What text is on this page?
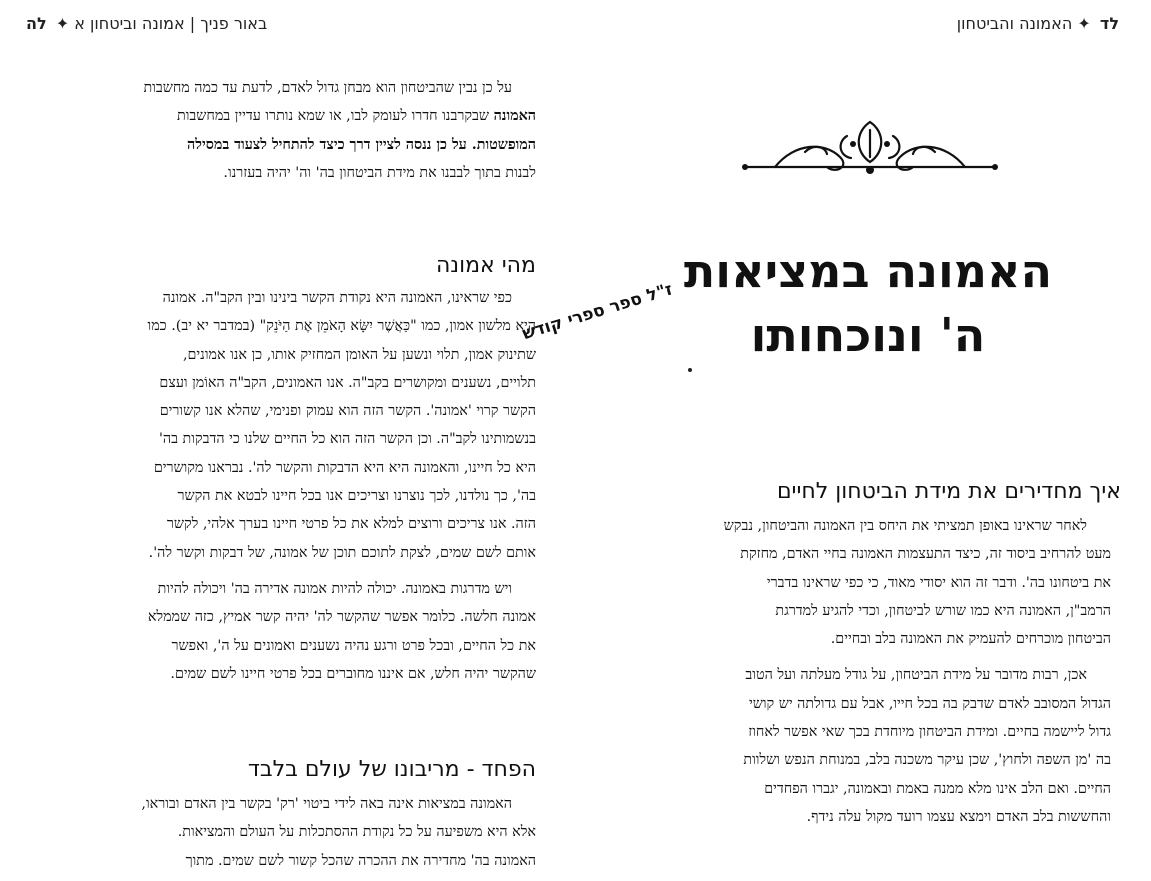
באור פניך | אמונה וביטחון א ✦ לה

על כן נבין שהביטחון הוא מבחן גדול לאדם, לדעת עד כמה מחשבות
האמונה שבקרבנו חדרו לעומק לבו, או שמא נותרו עדיין במחשבות
המופשטות. על כן ננסה לציין דרך כיצד להתחיל לצעוד במסילה
לבנות בתוך לבבנו את מידת הביטחון בה' וה' יהיה בעזרנו.

מהי אמונה

כפי שראינו, האמונה היא נקודת הקשר בינינו ובין הקב"ה. אמונה
היא מלשון אמון, כמו "כַּאֲשֶׁר יִשָּׂא הָאֹמֵן אֶת הַיֹּנֵק" (במדבר יא יב). כמו
שתינוק אמון, תלוי ונשען על האומן המחזיק אותו, כן אנו אמונים,
תלויים, נשענים ומקושרים בקב"ה. אנו האמונים, הקב"ה האוֹמן ועצם
הקשר קרוי 'אמונה'. הקשר הזה הוא עמוק ופנימי, שהלא אנו קשורים
בנשמותינו לקב"ה. וכן הקשר הזה הוא כל החיים שלנו כי הדבקות בה'
היא כל חיינו, והאמונה היא היא הדבקות והקשר לה'. נבראנו מקושרים
בה', כך נולדנו, לכך נוצרנו וצריכים אנו בכל חיינו לבטא את הקשר
הזה. אנו צריכים ורוצים למלא את כל פרטי חיינו בערך אלהי, לקשר
אותם לשם שמים, לצקת לתוכם תוכן של אמונה, של דבקות וקשר לה'.

ויש מדרגות באמונה. יכולה להיות אמונה אדירה בה' ויכולה להיות
אמונה חלשה. כלומר אפשר שהקשר לה' יהיה קשר אמיץ, כזה שממלא
את כל החיים, ובכל פרט ורגע נהיה נשענים ואמונים על ה', ואפשר
שהקשר יהיה חלש, אם איננו מחוברים בכל פרטי חיינו לשם שמים.

הפחד - מריבונו של עולם בלבד

האמונה במציאות אינה באה לידי ביטוי 'רק' בקשר בין האדם ובוראו,
אלא היא משפיעה על כל נקודת ההסתכלות על העולם והמציאות.
האמונה בה' מחדירה את ההכרה שהכל קשור לשם שמים. מתוך

לד ✦ האמונה והביטחון
האמונה במציאות
ה' ונוכחותו
איך מחדירים את מידת הביטחון לחיים

לאחר שראינו באופן תמציתי את היחס בין האמונה והביטחון, נבקש
מעט להרחיב ביסוד זה, כיצד התעצמות האמונה בחיי האדם, מחזקת
את ביטחונו בה'. ודבר זה הוא יסודי מאוד, כי כפי שראינו בדברי
הרמב"ן, האמונה היא כמו שורש לביטחון, וכדי להגיע למדרגת
הביטחון מוכרחים להעמיק את האמונה בלב ובחיים.

אכן, רבות מדובר על מידת הביטחון, על גודל מעלתה ועל הטוב
הגדול המסובב לאדם שדבק בה בכל חייו, אבל עם גדולתה יש קושי
גדול ליישמה בחיים. ומידת הביטחון מיוחדת בכך שאי אפשר לאחוז
בה 'מן השפה ולחוץ', שכן עיקר משכנה בלב, במנוחת הנפש ושלוות
החיים. ואם הלב אינו מלא ממנה באמת ובאמונה, יגברו הפחדים
והחששות בלב האדם וימצא עצמו רועד מקול עלה נידף.

ז"ל ספר ספרי קודש
